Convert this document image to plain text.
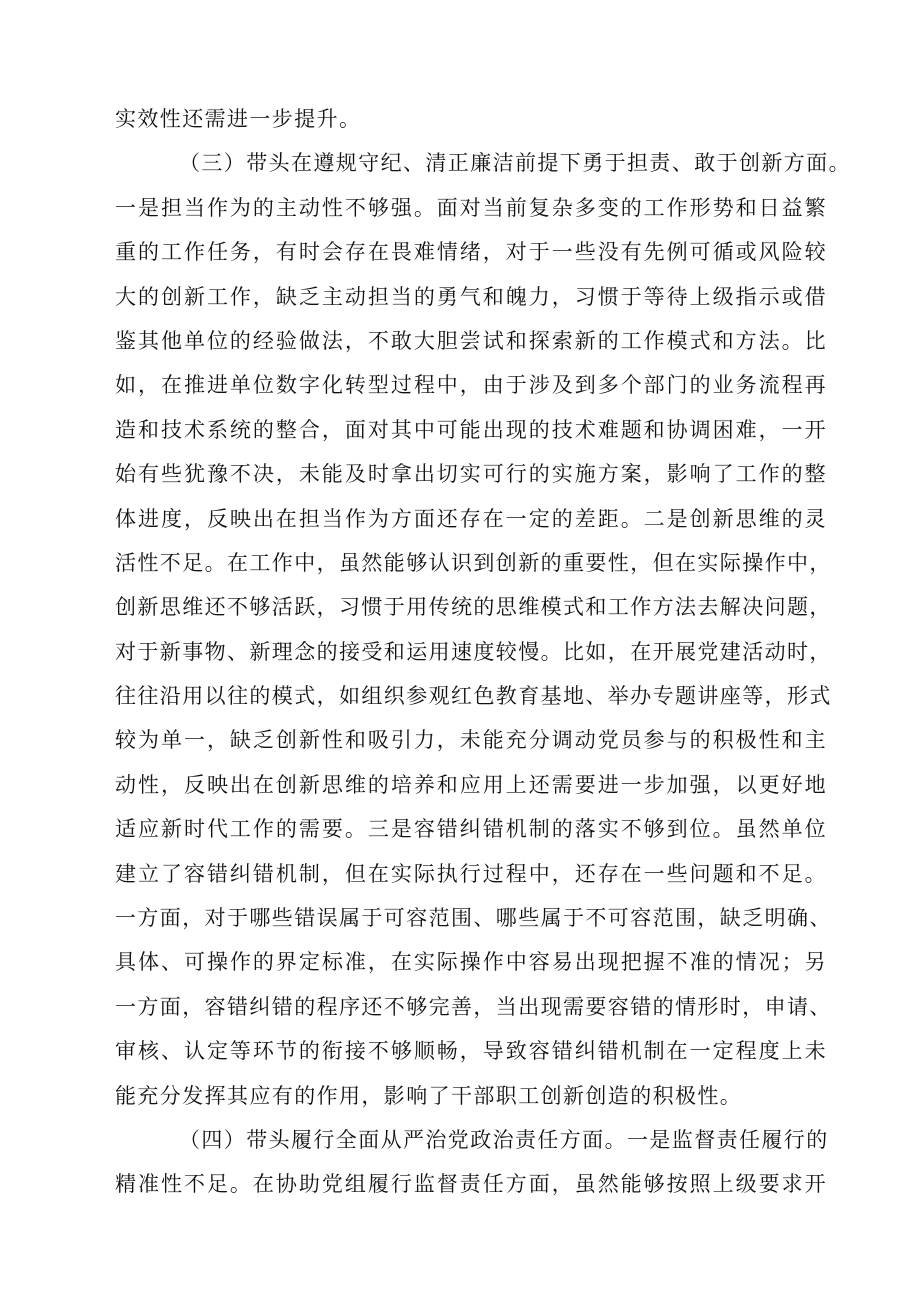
实效性还需进一步提升。
（三）带头在遵规守纪、清正廉洁前提下勇于担责、敢于创新方面。
一是担当作为的主动性不够强。面对当前复杂多变的工作形势和日益繁
重的工作任务，有时会存在畏难情绪，对于一些没有先例可循或风险较
大的创新工作，缺乏主动担当的勇气和魄力，习惯于等待上级指示或借
鉴其他单位的经验做法，不敢大胆尝试和探索新的工作模式和方法。比
如，在推进单位数字化转型过程中，由于涉及到多个部门的业务流程再
造和技术系统的整合，面对其中可能出现的技术难题和协调困难，一开
始有些犹豫不决，未能及时拿出切实可行的实施方案，影响了工作的整
体进度，反映出在担当作为方面还存在一定的差距。二是创新思维的灵
活性不足。在工作中，虽然能够认识到创新的重要性，但在实际操作中，
创新思维还不够活跃，习惯于用传统的思维模式和工作方法去解决问题，
对于新事物、新理念的接受和运用速度较慢。比如，在开展党建活动时，
往往沿用以往的模式，如组织参观红色教育基地、举办专题讲座等，形式
较为单一，缺乏创新性和吸引力，未能充分调动党员参与的积极性和主
动性，反映出在创新思维的培养和应用上还需要进一步加强，以更好地
适应新时代工作的需要。三是容错纠错机制的落实不够到位。虽然单位
建立了容错纠错机制，但在实际执行过程中，还存在一些问题和不足。
一方面，对于哪些错误属于可容范围、哪些属于不可容范围，缺乏明确、
具体、可操作的界定标准，在实际操作中容易出现把握不准的情况；另
一方面，容错纠错的程序还不够完善，当出现需要容错的情形时，申请、
审核、认定等环节的衔接不够顺畅，导致容错纠错机制在一定程度上未
能充分发挥其应有的作用，影响了干部职工创新创造的积极性。
（四）带头履行全面从严治党政治责任方面。一是监督责任履行的
精准性不足。在协助党组履行监督责任方面，虽然能够按照上级要求开
